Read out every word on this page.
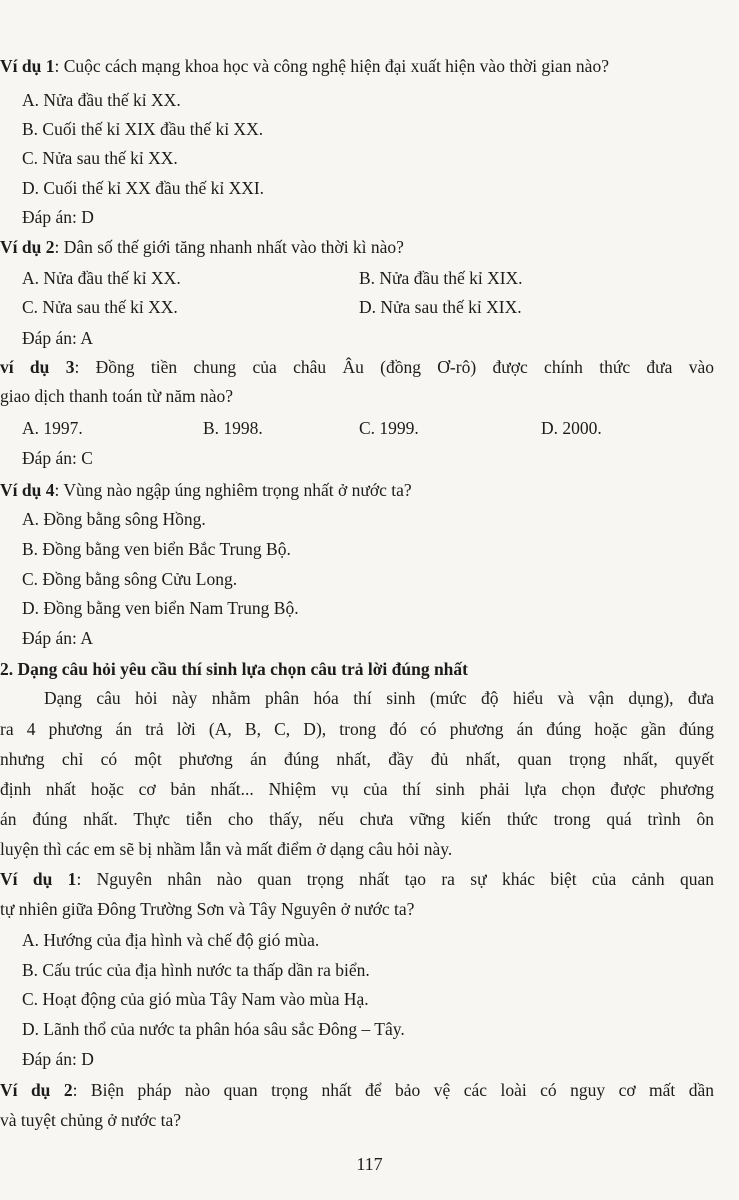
Ví dụ 1: Cuộc cách mạng khoa học và công nghệ hiện đại xuất hiện vào thời gian nào?
A. Nửa đầu thế kỉ XX.
B. Cuối thế kỉ XIX đầu thế kỉ XX.
C. Nửa sau thế kỉ XX.
D. Cuối thế kỉ XX đầu thế kỉ XXI.
Đáp án: D
Ví dụ 2: Dân số thế giới tăng nhanh nhất vào thời kì nào?
A. Nửa đầu thế kỉ XX.	B. Nửa đầu thế kỉ XIX.
C. Nửa sau thế kỉ XX.	D. Nửa sau thế kỉ XIX.
Đáp án: A
ví dụ 3: Đồng tiền chung của châu Âu (đồng Ơ-rô) được chính thức đưa vào
giao dịch thanh toán từ năm nào?
A. 1997.	B. 1998.	C. 1999.	D. 2000.
Đáp án: C
Ví dụ 4: Vùng nào ngập úng nghiêm trọng nhất ở nước ta?
A. Đồng bằng sông Hồng.
B. Đồng bằng ven biển Bắc Trung Bộ.
C. Đồng bằng sông Cửu Long.
D. Đồng bằng ven biển Nam Trung Bộ.
Đáp án: A
2. Dạng câu hỏi yêu cầu thí sinh lựa chọn câu trả lời đúng nhất
Dạng câu hỏi này nhằm phân hóa thí sinh (mức độ hiểu và vận dụng), đưa
ra 4 phương án trả lời (A, B, C, D), trong đó có phương án đúng hoặc gần đúng
nhưng chỉ có một phương án đúng nhất, đầy đủ nhất, quan trọng nhất, quyết
định nhất hoặc cơ bản nhất... Nhiệm vụ của thí sinh phải lựa chọn được phương
án đúng nhất. Thực tiễn cho thấy, nếu chưa vững kiến thức trong quá trình ôn
luyện thì các em sẽ bị nhầm lẫn và mất điểm ở dạng câu hỏi này.
Ví dụ 1: Nguyên nhân nào quan trọng nhất tạo ra sự khác biệt của cảnh quan
tự nhiên giữa Đông Trường Sơn và Tây Nguyên ở nước ta?
A. Hướng của địa hình và chế độ gió mùa.
B. Cấu trúc của địa hình nước ta thấp dần ra biển.
C. Hoạt động của gió mùa Tây Nam vào mùa Hạ.
D. Lãnh thổ của nước ta phân hóa sâu sắc Đông – Tây.
Đáp án: D
Ví dụ 2: Biện pháp nào quan trọng nhất để bảo vệ các loài có nguy cơ mất dần
và tuyệt chủng ở nước ta?
117
